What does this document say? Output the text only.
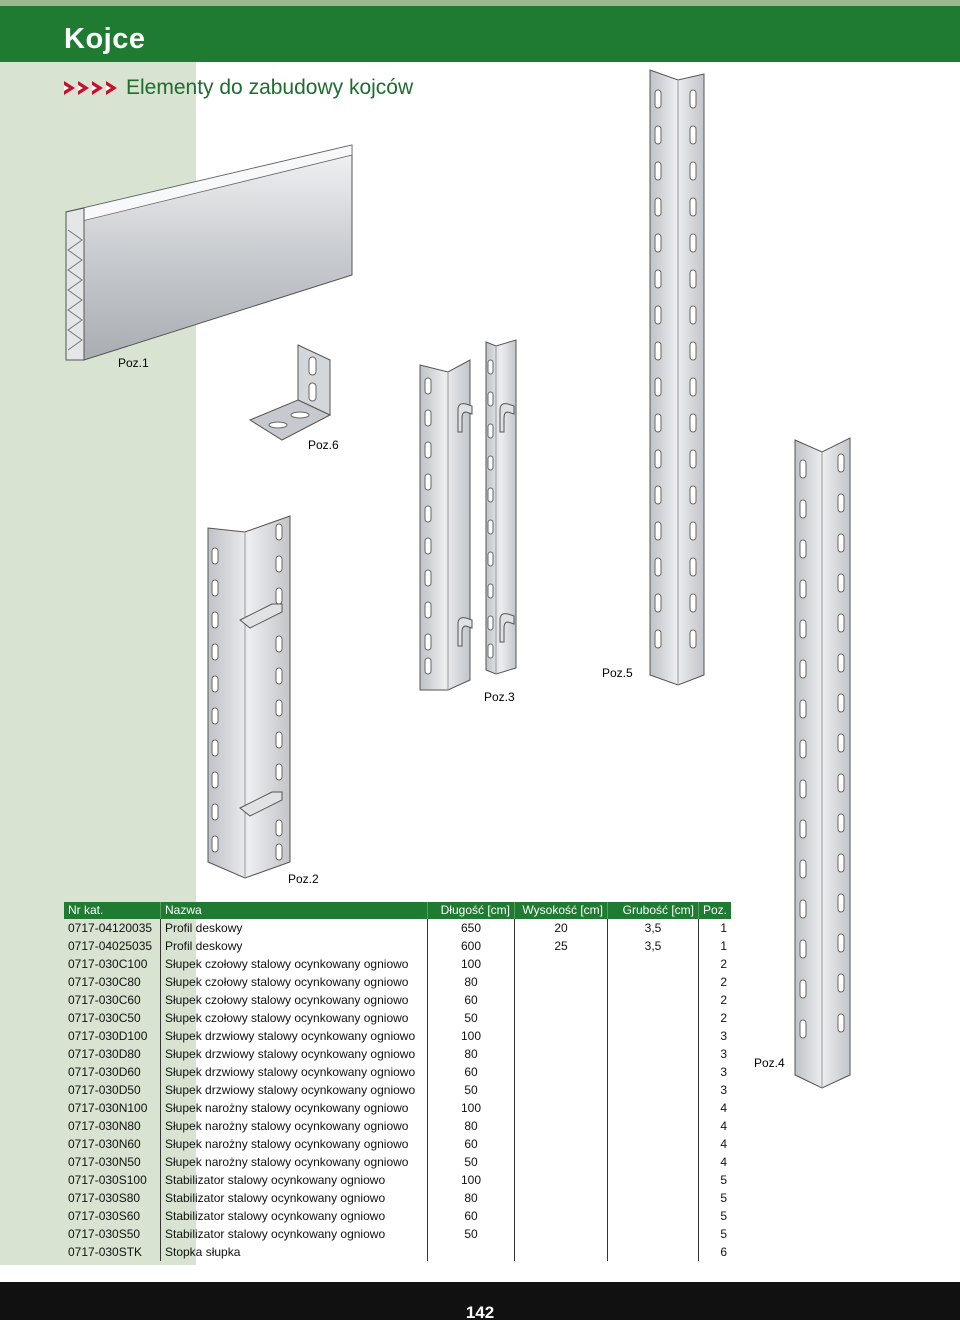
Kojce
Elementy do zabudowy kojców
Poz.1
Poz.6
Poz.5
Poz.3
Poz.2
Poz.4
Nr kat.	Nazwa	Długość [cm]	Wysokość [cm]	Grubość [cm]	Poz.
0717-04120035	Profil deskowy	650	20	3,5	1
0717-04025035	Profil deskowy	600	25	3,5	1
0717-030C100	Słupek czołowy stalowy ocynkowany ogniowo	100			2
0717-030C80	Słupek czołowy stalowy ocynkowany ogniowo	80			2
0717-030C60	Słupek czołowy stalowy ocynkowany ogniowo	60			2
0717-030C50	Słupek czołowy stalowy ocynkowany ogniowo	50			2
0717-030D100	Słupek drzwiowy stalowy ocynkowany ogniowo	100			3
0717-030D80	Słupek drzwiowy stalowy ocynkowany ogniowo	80			3
0717-030D60	Słupek drzwiowy stalowy ocynkowany ogniowo	60			3
0717-030D50	Słupek drzwiowy stalowy ocynkowany ogniowo	50			3
0717-030N100	Słupek narożny stalowy ocynkowany ogniowo	100			4
0717-030N80	Słupek narożny stalowy ocynkowany ogniowo	80			4
0717-030N60	Słupek narożny stalowy ocynkowany ogniowo	60			4
0717-030N50	Słupek narożny stalowy ocynkowany ogniowo	50			4
0717-030S100	Stabilizator stalowy ocynkowany ogniowo	100			5
0717-030S80	Stabilizator stalowy ocynkowany ogniowo	80			5
0717-030S60	Stabilizator stalowy ocynkowany ogniowo	60			5
0717-030S50	Stabilizator stalowy ocynkowany ogniowo	50			5
0717-030STK	Stopka słupka				6
142
